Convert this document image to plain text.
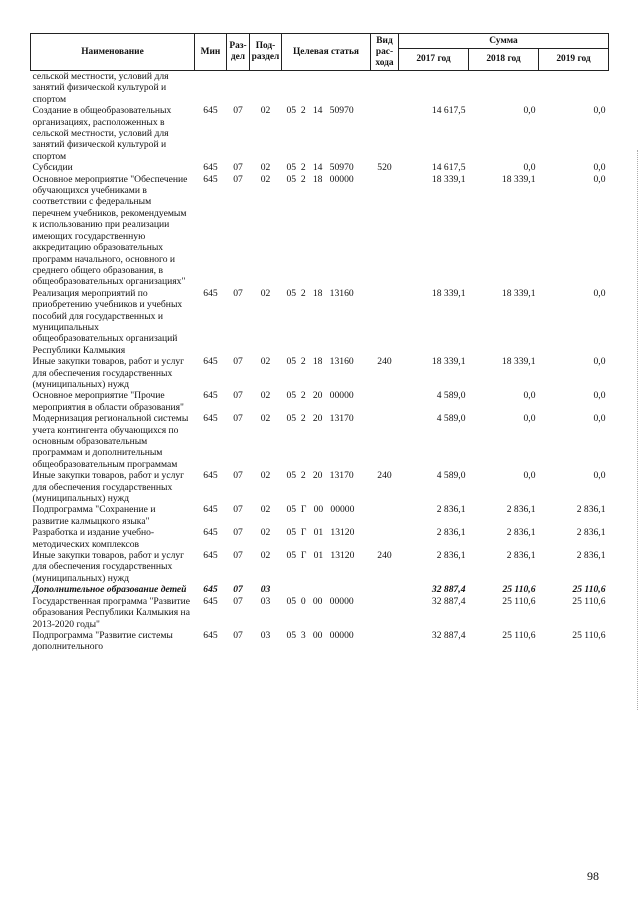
Наименование	Мин	Раз-дел	Под-раздел	Целевая статья	Вид рас-хода	Сумма		
						2017 год	2018 год	2019 год
сельской местности, условий для занятий физической культурой и спортом								
Создание в общеобразовательных организациях, расположенных в сельской местности, условий для занятий физической культурой и спортом	645	07	02	05  2   14   50970		14 617,5	0,0	0,0
Субсидии	645	07	02	05  2   14   50970	520	14 617,5	0,0	0,0
Основное мероприятие "Обеспечение обучающихся учебниками в соответствии с федеральным перечнем учебников, рекомендуемым к использованию при реализации имеющих государственную аккредитацию образовательных программ начального, основного и среднего общего образования, в общеобразовательных организациях"	645	07	02	05  2   18   00000		18 339,1	18 339,1	0,0
Реализация мероприятий по приобретению учебников и учебных пособий для государственных и муниципальных общеобразовательных организаций Республики Калмыкия	645	07	02	05  2   18   13160		18 339,1	18 339,1	0,0
Иные закупки товаров, работ и услуг для обеспечения государственных (муниципальных) нужд	645	07	02	05  2   18   13160	240	18 339,1	18 339,1	0,0
Основное мероприятие "Прочие мероприятия в области образования"	645	07	02	05  2   20   00000		4 589,0	0,0	0,0
Модернизация региональной системы учета контингента обучающихся по основным образовательным программам и дополнительным общеобразовательным программам	645	07	02	05  2   20   13170		4 589,0	0,0	0,0
Иные закупки товаров, работ и услуг для обеспечения государственных (муниципальных) нужд	645	07	02	05  2   20   13170	240	4 589,0	0,0	0,0
Подпрограмма "Сохранение и развитие калмыцкого языка"	645	07	02	05  Г   00   00000		2 836,1	2 836,1	2 836,1
Разработка и издание учебно-методических комплексов	645	07	02	05  Г   01   13120		2 836,1	2 836,1	2 836,1
Иные закупки товаров, работ и услуг для обеспечения государственных (муниципальных) нужд	645	07	02	05  Г   01   13120	240	2 836,1	2 836,1	2 836,1
Дополнительное образование детей	645	07	03			32 887,4	25 110,6	25 110,6
Государственная программа "Развитие образования Республики Калмыкия на 2013-2020 годы"	645	07	03	05  0   00   00000		32 887,4	25 110,6	25 110,6
Подпрограмма "Развитие системы дополнительного	645	07	03	05  3   00   00000		32 887,4	25 110,6	25 110,6
98
